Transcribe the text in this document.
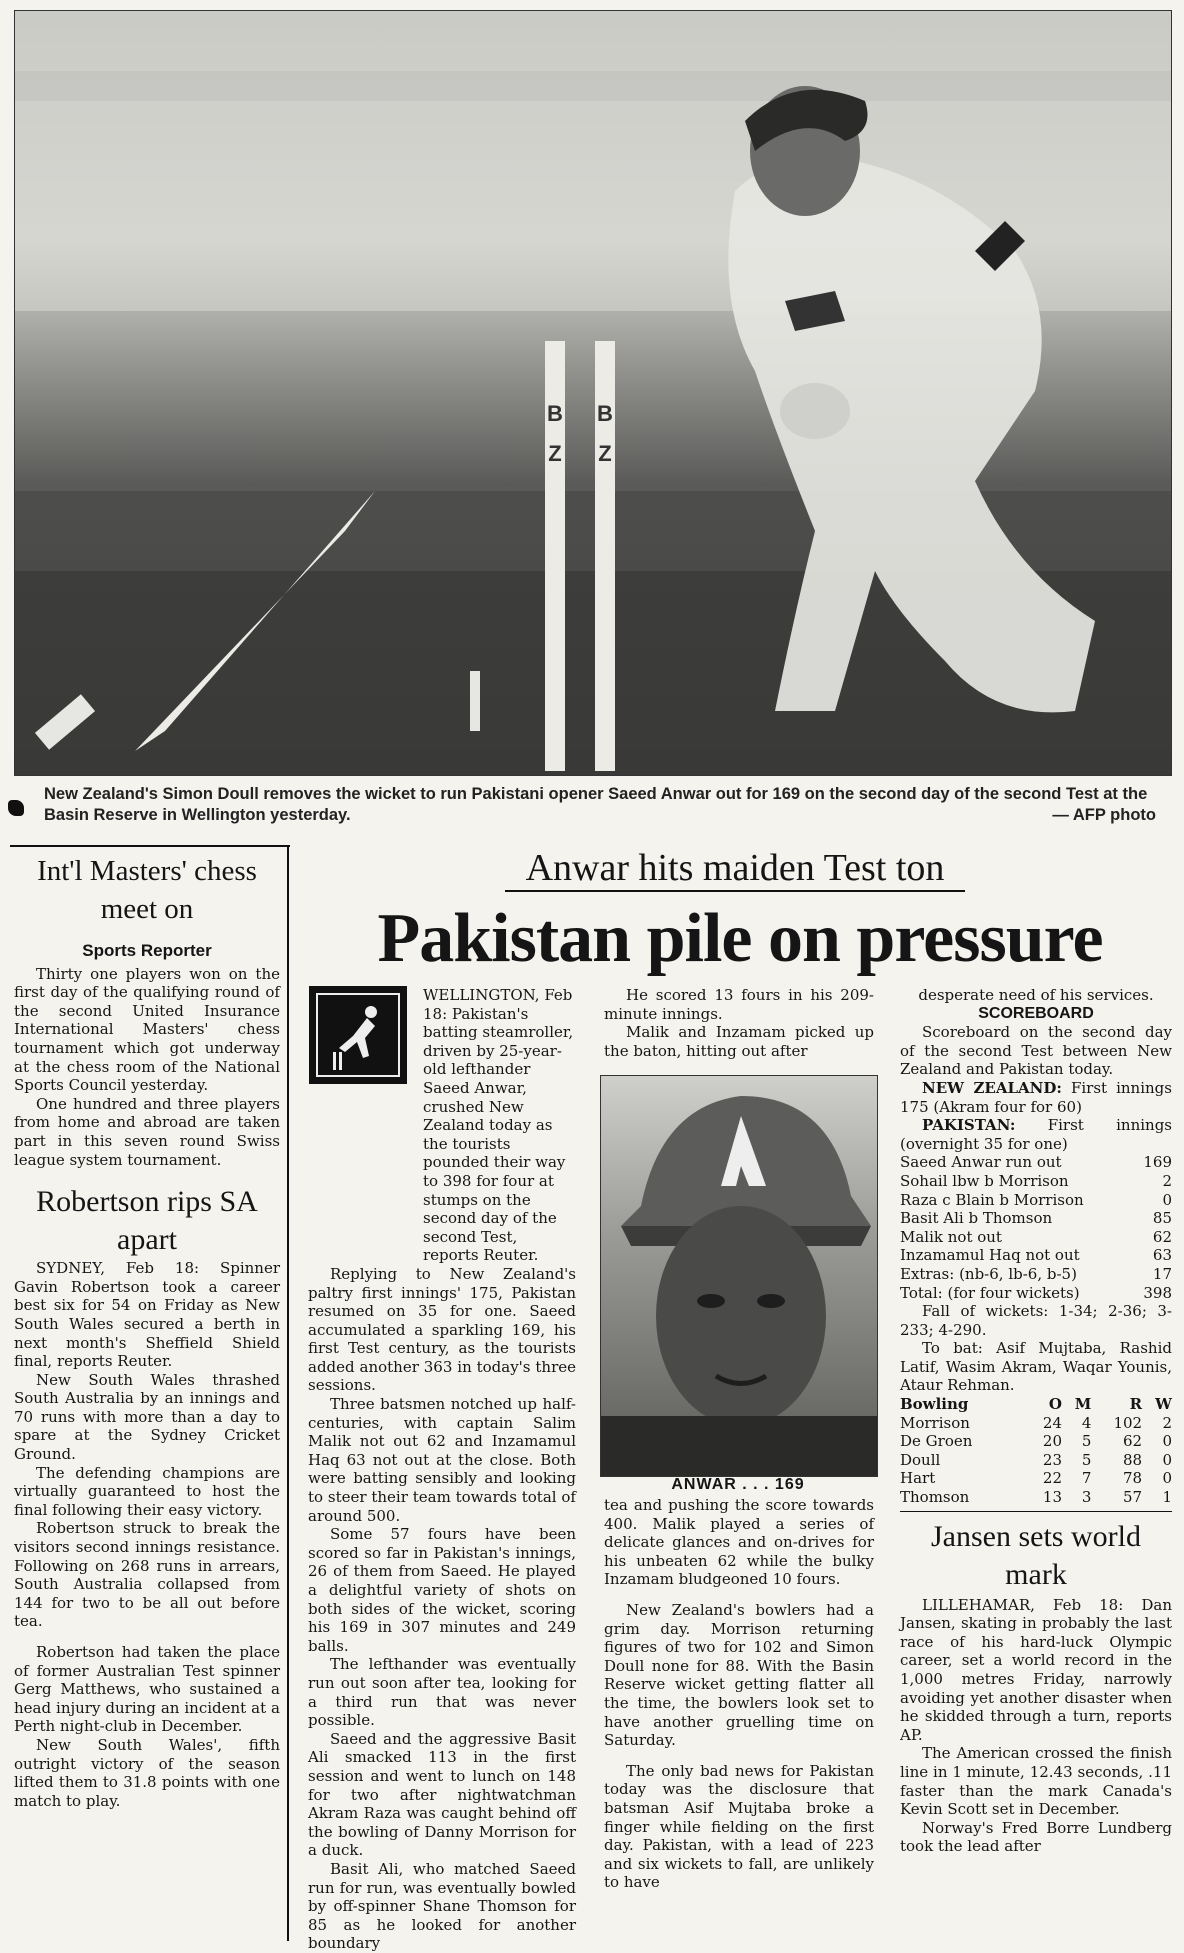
B B
Z Z
New Zealand's Simon Doull removes the wicket to run Pakistani opener Saeed Anwar out for 169 on the second day of the second Test at the Basin Reserve in Wellington yesterday.	— AFP photo
Int'l Masters' chess meet on
Sports Reporter

Thirty one players won on the first day of the qualifying round of the second United Insurance International Masters' chess tournament which got underway at the chess room of the National Sports Council yesterday.

One hundred and three players from home and abroad are taken part in this seven round Swiss league system tournament.

Robertson rips SA apart

SYDNEY, Feb 18: Spinner Gavin Robertson took a career best six for 54 on Friday as New South Wales secured a berth in next month's Sheffield Shield final, reports Reuter.

New South Wales thrashed South Australia by an innings and 70 runs with more than a day to spare at the Sydney Cricket Ground.

The defending champions are virtually guaranteed to host the final following their easy victory.

Robertson struck to break the visitors second innings resistance. Following on 268 runs in arrears, South Australia collapsed from 144 for two to be all out before tea.

Robertson had taken the place of former Australian Test spinner Gerg Matthews, who sustained a head injury during an incident at a Perth night-club in December.

New South Wales', fifth outright victory of the season lifted them to 31.8 points with one match to play.

Anwar hits maiden Test ton
Pakistan pile on pressure

WELLINGTON, Feb 18: Pakistan's batting steamroller, driven by 25-year-old lefthander Saeed Anwar, crushed New Zealand today as the tourists pounded their way to 398 for four at stumps on the second day of the second Test, reports Reuter.

Replying to New Zealand's paltry first innings' 175, Pakistan resumed on 35 for one. Saeed accumulated a sparkling 169, his first Test century, as the tourists added another 363 in today's three sessions.

Three batsmen notched up half-centuries, with captain Salim Malik not out 62 and Inzamamul Haq 63 not out at the close. Both were batting sensibly and looking to steer their team towards total of around 500.

Some 57 fours have been scored so far in Pakistan's innings, 26 of them from Saeed. He played a delightful variety of shots on both sides of the wicket, scoring his 169 in 307 minutes and 249 balls.

The lefthander was eventually run out soon after tea, looking for a third run that was never possible.

Saeed and the aggressive Basit Ali smacked 113 in the first session and went to lunch on 148 for two after nightwatchman Akram Raza was caught behind off the bowling of Danny Morrison for a duck.

Basit Ali, who matched Saeed run for run, was eventually bowled by off-spinner Shane Thomson for 85 as he looked for another boundary

He scored 13 fours in his 209-minute innings.

Malik and Inzamam picked up the baton, hitting out after

ANWAR . . . 169

tea and pushing the score towards 400. Malik played a series of delicate glances and on-drives for his unbeaten 62 while the bulky Inzamam bludgeoned 10 fours.

New Zealand's bowlers had a grim day. Morrison returning figures of two for 102 and Simon Doull none for 88. With the Basin Reserve wicket getting flatter all the time, the bowlers look set to have another gruelling time on Saturday.

The only bad news for Pakistan today was the disclosure that batsman Asif Mujtaba broke a finger while fielding on the first day. Pakistan, with a lead of 223 and six wickets to fall, are unlikely to have

desperate need of his services.

SCOREBOARD

Scoreboard on the second day of the second Test between New Zealand and Pakistan today.

NEW ZEALAND: First innings 175 (Akram four for 60)

PAKISTAN: First innings (overnight 35 for one)

Saeed Anwar run out	169
Sohail lbw b Morrison	2
Raza c Blain b Morrison	0
Basit Ali b Thomson	85
Malik not out	62
Inzamamul Haq not out	63
Extras: (nb-6, lb-6, b-5)	17
Total: (for four wickets)	398

Fall of wickets: 1-34; 2-36; 3-233; 4-290.

To bat: Asif Mujtaba, Rashid Latif, Wasim Akram, Waqar Younis, Ataur Rehman.

Bowling	O	M	R	W
Morrison	24	4	102	2
De Groen	20	5	62	0
Doull	23	5	88	0
Hart	22	7	78	0
Thomson	13	3	57	1
Jansen sets world mark

LILLEHAMAR, Feb 18: Dan Jansen, skating in probably the last race of his hard-luck Olympic career, set a world record in the 1,000 metres Friday, narrowly avoiding yet another disaster when he skidded through a turn, reports AP.

The American crossed the finish line in 1 minute, 12.43 seconds, .11 faster than the mark Canada's Kevin Scott set in December.

Norway's Fred Borre Lundberg took the lead after
